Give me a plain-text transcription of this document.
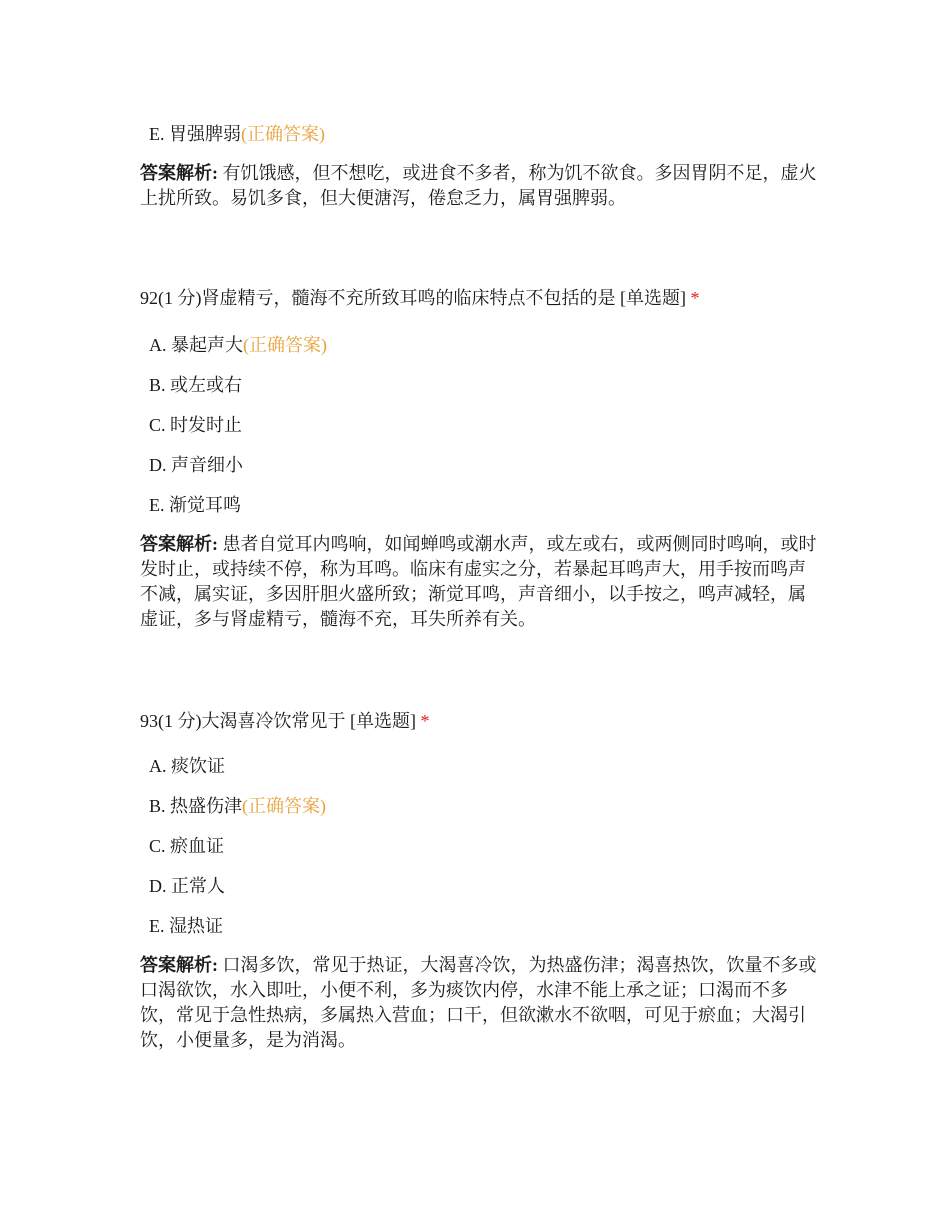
E. 胃强脾弱(正确答案)
答案解析: 有饥饿感，但不想吃，或进食不多者，称为饥不欲食。多因胃阴不足，虚火上扰所致。易饥多食，但大便溏泻，倦怠乏力，属胃强脾弱。
92(1 分)肾虚精亏，髓海不充所致耳鸣的临床特点不包括的是 [单选题] *
A. 暴起声大(正确答案)
B. 或左或右
C. 时发时止
D. 声音细小
E. 渐觉耳鸣
答案解析: 患者自觉耳内鸣响，如闻蝉鸣或潮水声，或左或右，或两侧同时鸣响，或时发时止，或持续不停，称为耳鸣。临床有虚实之分，若暴起耳鸣声大，用手按而鸣声不减，属实证，多因肝胆火盛所致；渐觉耳鸣，声音细小，以手按之，鸣声减轻，属虚证，多与肾虚精亏，髓海不充，耳失所养有关。
93(1 分)大渴喜冷饮常见于 [单选题] *
A. 痰饮证
B. 热盛伤津(正确答案)
C. 瘀血证
D. 正常人
E. 湿热证
答案解析: 口渴多饮，常见于热证，大渴喜冷饮，为热盛伤津；渴喜热饮，饮量不多或口渴欲饮，水入即吐，小便不利，多为痰饮内停，水津不能上承之证；口渴而不多饮，常见于急性热病，多属热入营血；口干，但欲漱水不欲咽，可见于瘀血；大渴引饮，小便量多，是为消渴。
